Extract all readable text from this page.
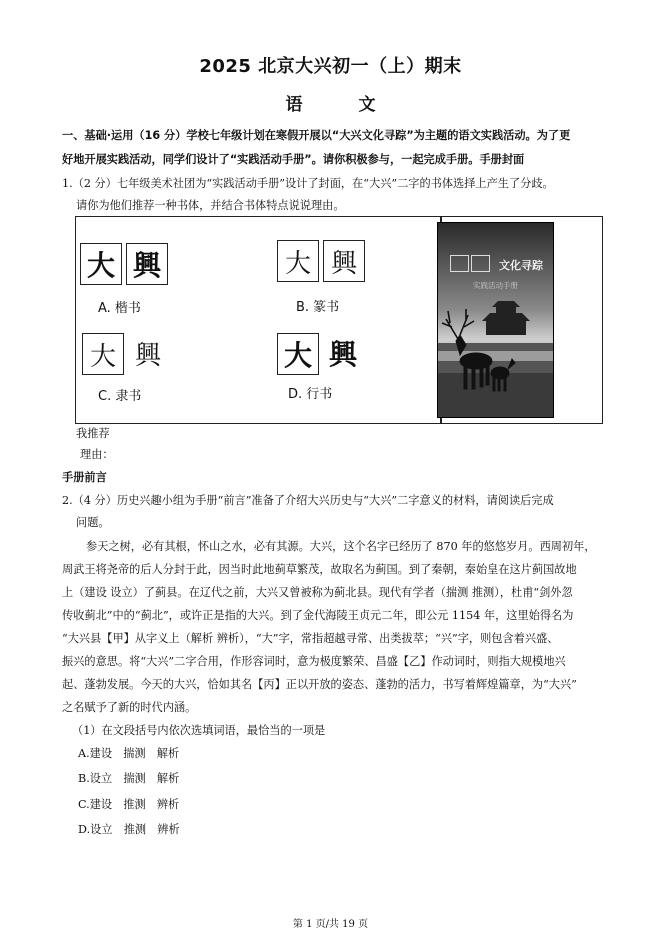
2025 北京大兴初一（上）期末
语	文
一、基础·运用（16 分）学校七年级计划在寒假开展以“大兴文化寻踪”为主题的语文实践活动。为了更
好地开展实践活动，同学们设计了“实践活动手册”。请你积极参与，一起完成手册。手册封面
1.（2 分）七年级美术社团为“实践活动手册”设计了封面，在“大兴”二字的书体选择上产生了分歧。
请你为他们推荐一种书体，并结合书体特点说说理由。
大 興
A. 楷书
大 興
B. 篆书
大 興
C. 隶书
大 興
D. 行书
文化寻踪
实践活动手册
我推荐
理由：
手册前言
2.（4 分）历史兴趣小组为手册“前言”准备了介绍大兴历史与“大兴”二字意义的材料，请阅读后完成
问题。
参天之树，必有其根，怀山之水，必有其源。大兴，这个名字已经历了 870 年的悠悠岁月。西周初年，
周武王将尧帝的后人分封于此，因当时此地蓟草繁茂，故取名为蓟国。到了秦朝，秦始皇在这片蓟国故地
上（建设 设立）了蓟县。在辽代之前，大兴又曾被称为蓟北县。现代有学者（揣测 推测），杜甫“剑外忽
传收蓟北”中的“蓟北”，或许正是指的大兴。到了金代海陵王贞元二年，即公元 1154 年，这里始得名为
“大兴县【甲】从字义上（解析 辨析），“大”字，常指超越寻常、出类拔萃；“兴”字，则包含着兴盛、
振兴的意思。将“大兴”二字合用，作形容词时，意为极度繁荣、昌盛【乙】作动词时，则指大规模地兴
起、蓬勃发展。今天的大兴，恰如其名【丙】正以开放的姿态、蓬勃的活力，书写着辉煌篇章，为“大兴”
之名赋予了新的时代内涵。
（1）在文段括号内依次选填词语，最恰当的一项是
A.建设　揣测　解析
B.设立　揣测　解析
C.建设　推测　辨析
D.设立　推测　辨析
第 1 页/共 19 页
